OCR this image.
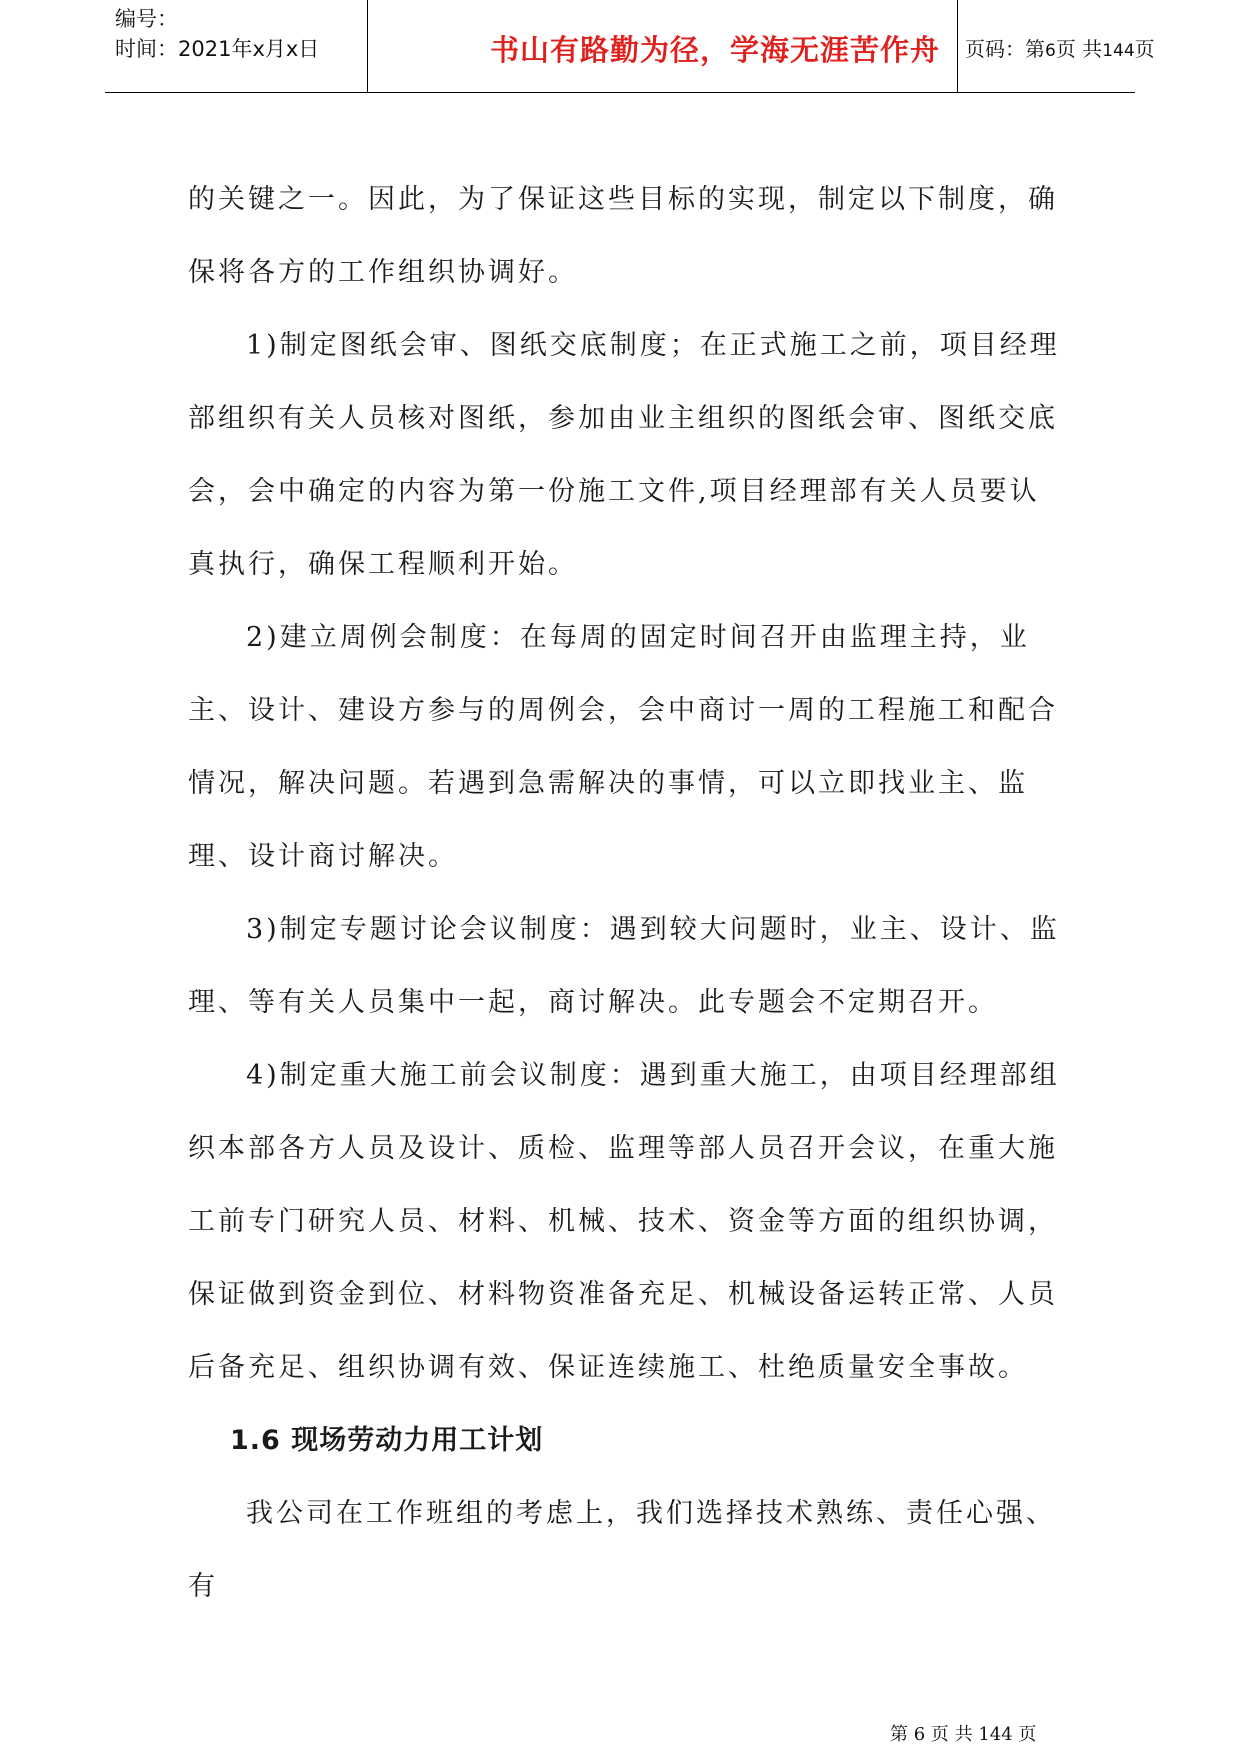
编号：
时间：2021年x月x日	书山有路勤为径，学海无涯苦作舟	页码：第6页 共144页

的关键之一。因此，为了保证这些目标的实现，制定以下制度，确保将各方的工作组织协调好。

1)制定图纸会审、图纸交底制度；在正式施工之前，项目经理部组织有关人员核对图纸，参加由业主组织的图纸会审、图纸交底会，会中确定的内容为第一份施工文件,项目经理部有关人员要认真执行，确保工程顺利开始。

2)建立周例会制度：在每周的固定时间召开由监理主持，业主、设计、建设方参与的周例会，会中商讨一周的工程施工和配合情况，解决问题。若遇到急需解决的事情，可以立即找业主、监理、设计商讨解决。

3)制定专题讨论会议制度：遇到较大问题时，业主、设计、监理、等有关人员集中一起，商讨解决。此专题会不定期召开。

4)制定重大施工前会议制度：遇到重大施工，由项目经理部组织本部各方人员及设计、质检、监理等部人员召开会议，在重大施工前专门研究人员、材料、机械、技术、资金等方面的组织协调，保证做到资金到位、材料物资准备充足、机械设备运转正常、人员后备充足、组织协调有效、保证连续施工、杜绝质量安全事故。

1.6 现场劳动力用工计划

我公司在工作班组的考虑上，我们选择技术熟练、责任心强、有

第 6 页 共 144 页
